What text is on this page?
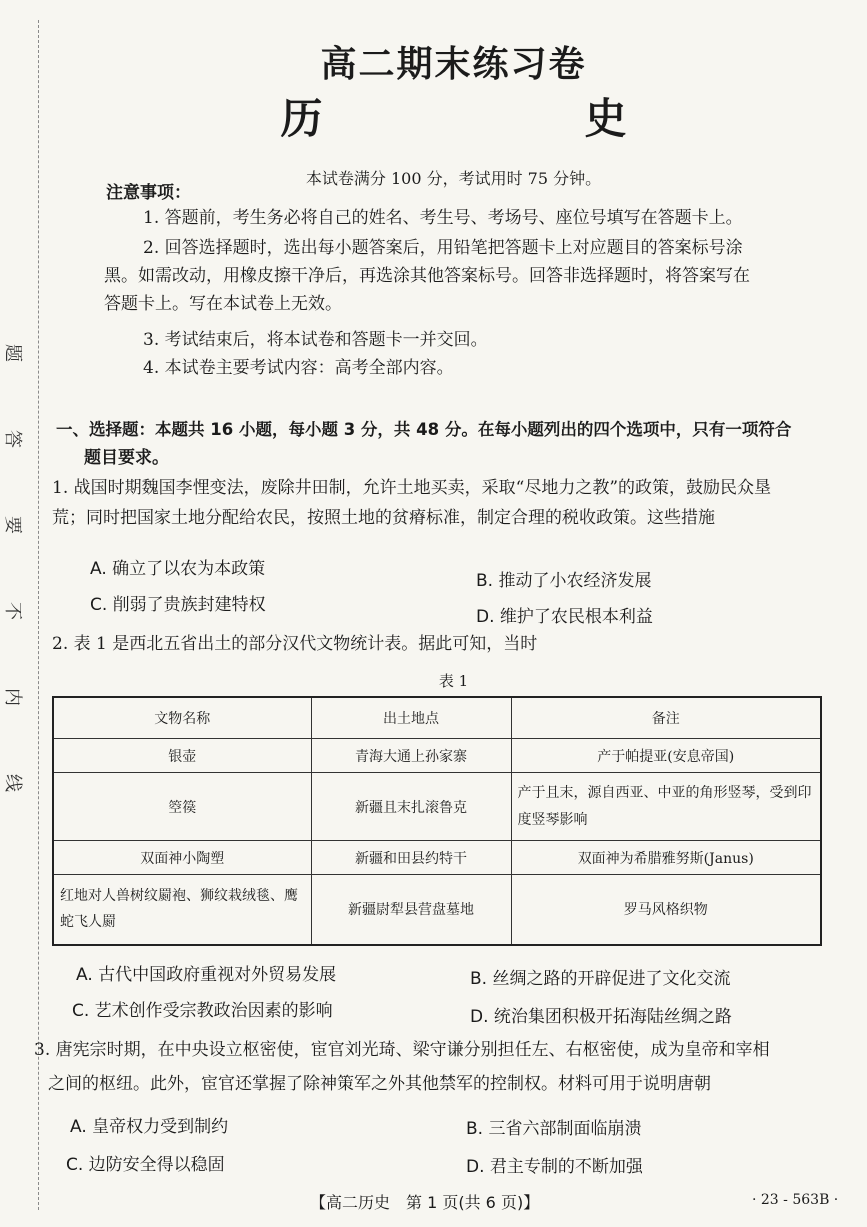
题
答
要
不
内
线
高二期末练习卷
历　史
本试卷满分 100 分，考试用时 75 分钟。
注意事项：
1. 答题前，考生务必将自己的姓名、考生号、考场号、座位号填写在答题卡上。
2. 回答选择题时，选出每小题答案后，用铅笔把答题卡上对应题目的答案标号涂
黑。如需改动，用橡皮擦干净后，再选涂其他答案标号。回答非选择题时，将答案写在
答题卡上。写在本试卷上无效。
3. 考试结束后，将本试卷和答题卡一并交回。
4. 本试卷主要考试内容：高考全部内容。
一、选择题：本题共 16 小题，每小题 3 分，共 48 分。在每小题列出的四个选项中，只有一项符合
题目要求。
1. 战国时期魏国李悝变法，废除井田制，允许土地买卖，采取“尽地力之教”的政策，鼓励民众垦
荒；同时把国家土地分配给农民，按照土地的贫瘠标准，制定合理的税收政策。这些措施
A. 确立了以农为本政策
B. 推动了小农经济发展
C. 削弱了贵族封建特权
D. 维护了农民根本利益
2. 表 1 是西北五省出土的部分汉代文物统计表。据此可知，当时
表 1
文物名称	出土地点	备注
银壶	青海大通上孙家寨	产于帕提亚(安息帝国)
箜篌	新疆且末扎滚鲁克	产于且末，源自西亚、中亚的角形竖琴，受到印度竖琴影响
双面神小陶塑	新疆和田县约特干	双面神为希腊雅努斯(Janus)
红地对人兽树纹罽袍、狮纹栽绒毯、鹰蛇飞人罽	新疆尉犁县营盘墓地	罗马风格织物
A. 古代中国政府重视对外贸易发展	B. 丝绸之路的开辟促进了文化交流
C. 艺术创作受宗教政治因素的影响	D. 统治集团积极开拓海陆丝绸之路
3. 唐宪宗时期，在中央设立枢密使，宦官刘光琦、梁守谦分别担任左、右枢密使，成为皇帝和宰相
之间的枢纽。此外，宦官还掌握了除神策军之外其他禁军的控制权。材料可用于说明唐朝
A. 皇帝权力受到制约	B. 三省六部制面临崩溃
C. 边防安全得以稳固	D. 君主专制的不断加强
【高二历史　第 1 页(共 6 页)】	· 23 - 563B ·
